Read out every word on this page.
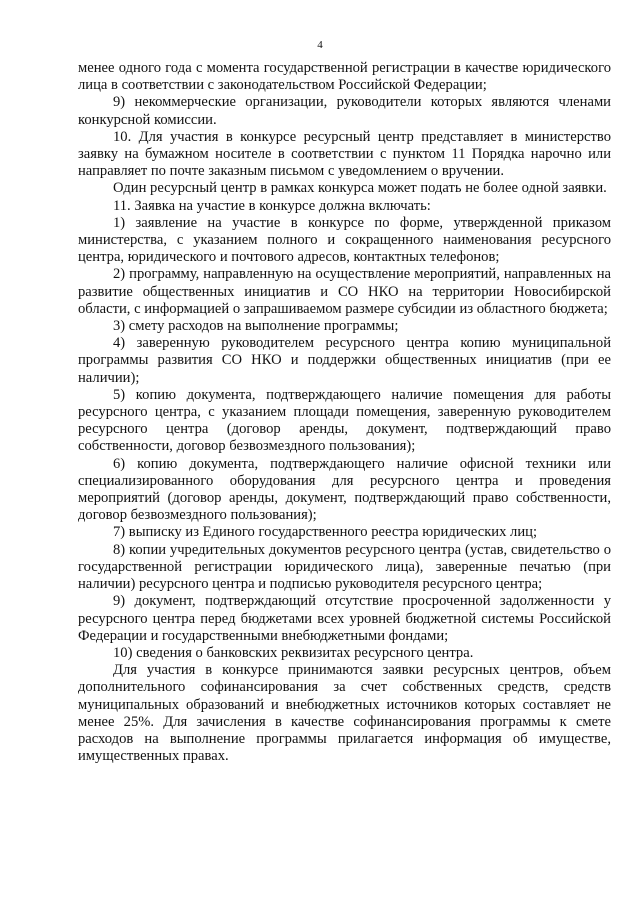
4

менее одного года с момента государственной регистрации в качестве юридического лица в соответствии с законодательством Российской Федерации;

9) некоммерческие организации, руководители которых являются членами конкурсной комиссии.

10. Для участия в конкурсе ресурсный центр представляет в министерство заявку на бумажном носителе в соответствии с пунктом 11 Порядка нарочно или направляет по почте заказным письмом с уведомлением о вручении.

Один ресурсный центр в рамках конкурса может подать не более одной заявки.

11. Заявка на участие в конкурсе должна включать:

1) заявление на участие в конкурсе по форме, утвержденной приказом министерства, с указанием полного и сокращенного наименования ресурсного центра, юридического и почтового адресов, контактных телефонов;

2) программу, направленную на осуществление мероприятий, направленных на развитие общественных инициатив и СО НКО на территории Новосибирской области, с информацией о запрашиваемом размере субсидии из областного бюджета;

3) смету расходов на выполнение программы;

4) заверенную руководителем ресурсного центра копию муниципальной программы развития СО НКО и поддержки общественных инициатив (при ее наличии);

5) копию документа, подтверждающего наличие помещения для работы ресурсного центра, с указанием площади помещения, заверенную руководителем ресурсного центра (договор аренды, документ, подтверждающий право собственности, договор безвозмездного пользования);

6) копию документа, подтверждающего наличие офисной техники или специализированного оборудования для ресурсного центра и проведения мероприятий (договор аренды, документ, подтверждающий право собственности, договор безвозмездного пользования);

7) выписку из Единого государственного реестра юридических лиц;

8) копии учредительных документов ресурсного центра (устав, свидетельство о государственной регистрации юридического лица), заверенные печатью (при наличии) ресурсного центра и подписью руководителя ресурсного центра;

9) документ, подтверждающий отсутствие просроченной задолженности у ресурсного центра перед бюджетами всех уровней бюджетной системы Российской Федерации и государственными внебюджетными фондами;

10) сведения о банковских реквизитах ресурсного центра.

Для участия в конкурсе принимаются заявки ресурсных центров, объем дополнительного софинансирования за счет собственных средств, средств муниципальных образований и внебюджетных источников которых составляет не менее 25%. Для зачисления в качестве софинансирования программы к смете расходов на выполнение программы прилагается информация об имуществе, имущественных правах.
